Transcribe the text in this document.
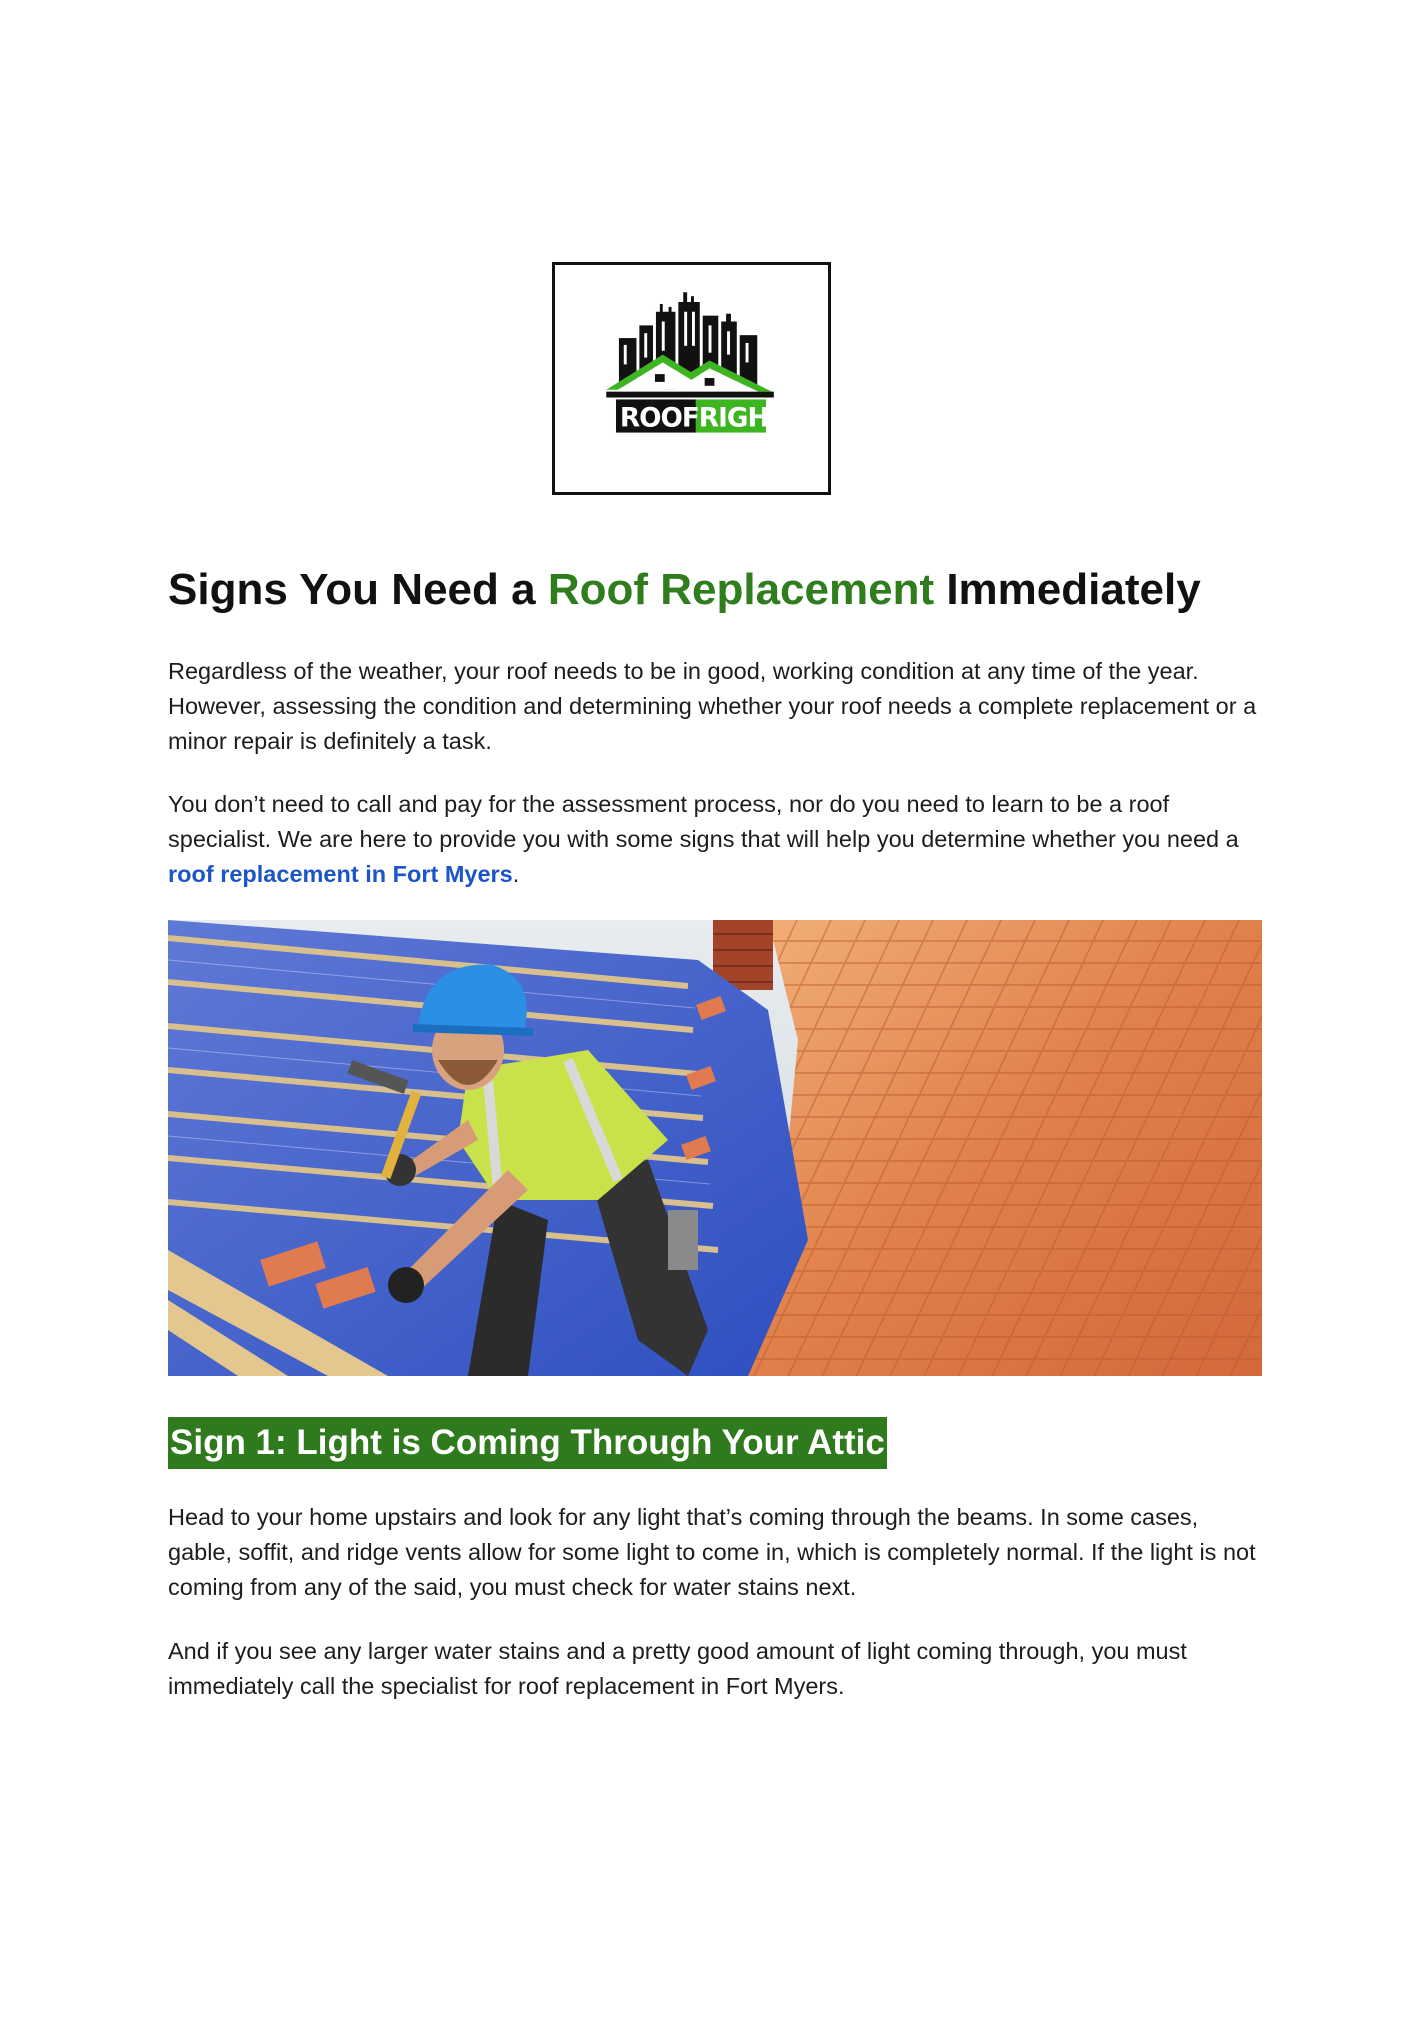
ROOF RIGHT
Signs You Need a Roof Replacement Immediately

Regardless of the weather, your roof needs to be in good, working condition at any time of the year. However, assessing the condition and determining whether your roof needs a complete replacement or a minor repair is definitely a task.

You don’t need to call and pay for the assessment process, nor do you need to learn to be a roof specialist. We are here to provide you with some signs that will help you determine whether you need a roof replacement in Fort Myers.

Sign 1: Light is Coming Through Your Attic

Head to your home upstairs and look for any light that’s coming through the beams. In some cases, gable, soffit, and ridge vents allow for some light to come in, which is completely normal. If the light is not coming from any of the said, you must check for water stains next.

And if you see any larger water stains and a pretty good amount of light coming through, you must immediately call the specialist for roof replacement in Fort Myers.
